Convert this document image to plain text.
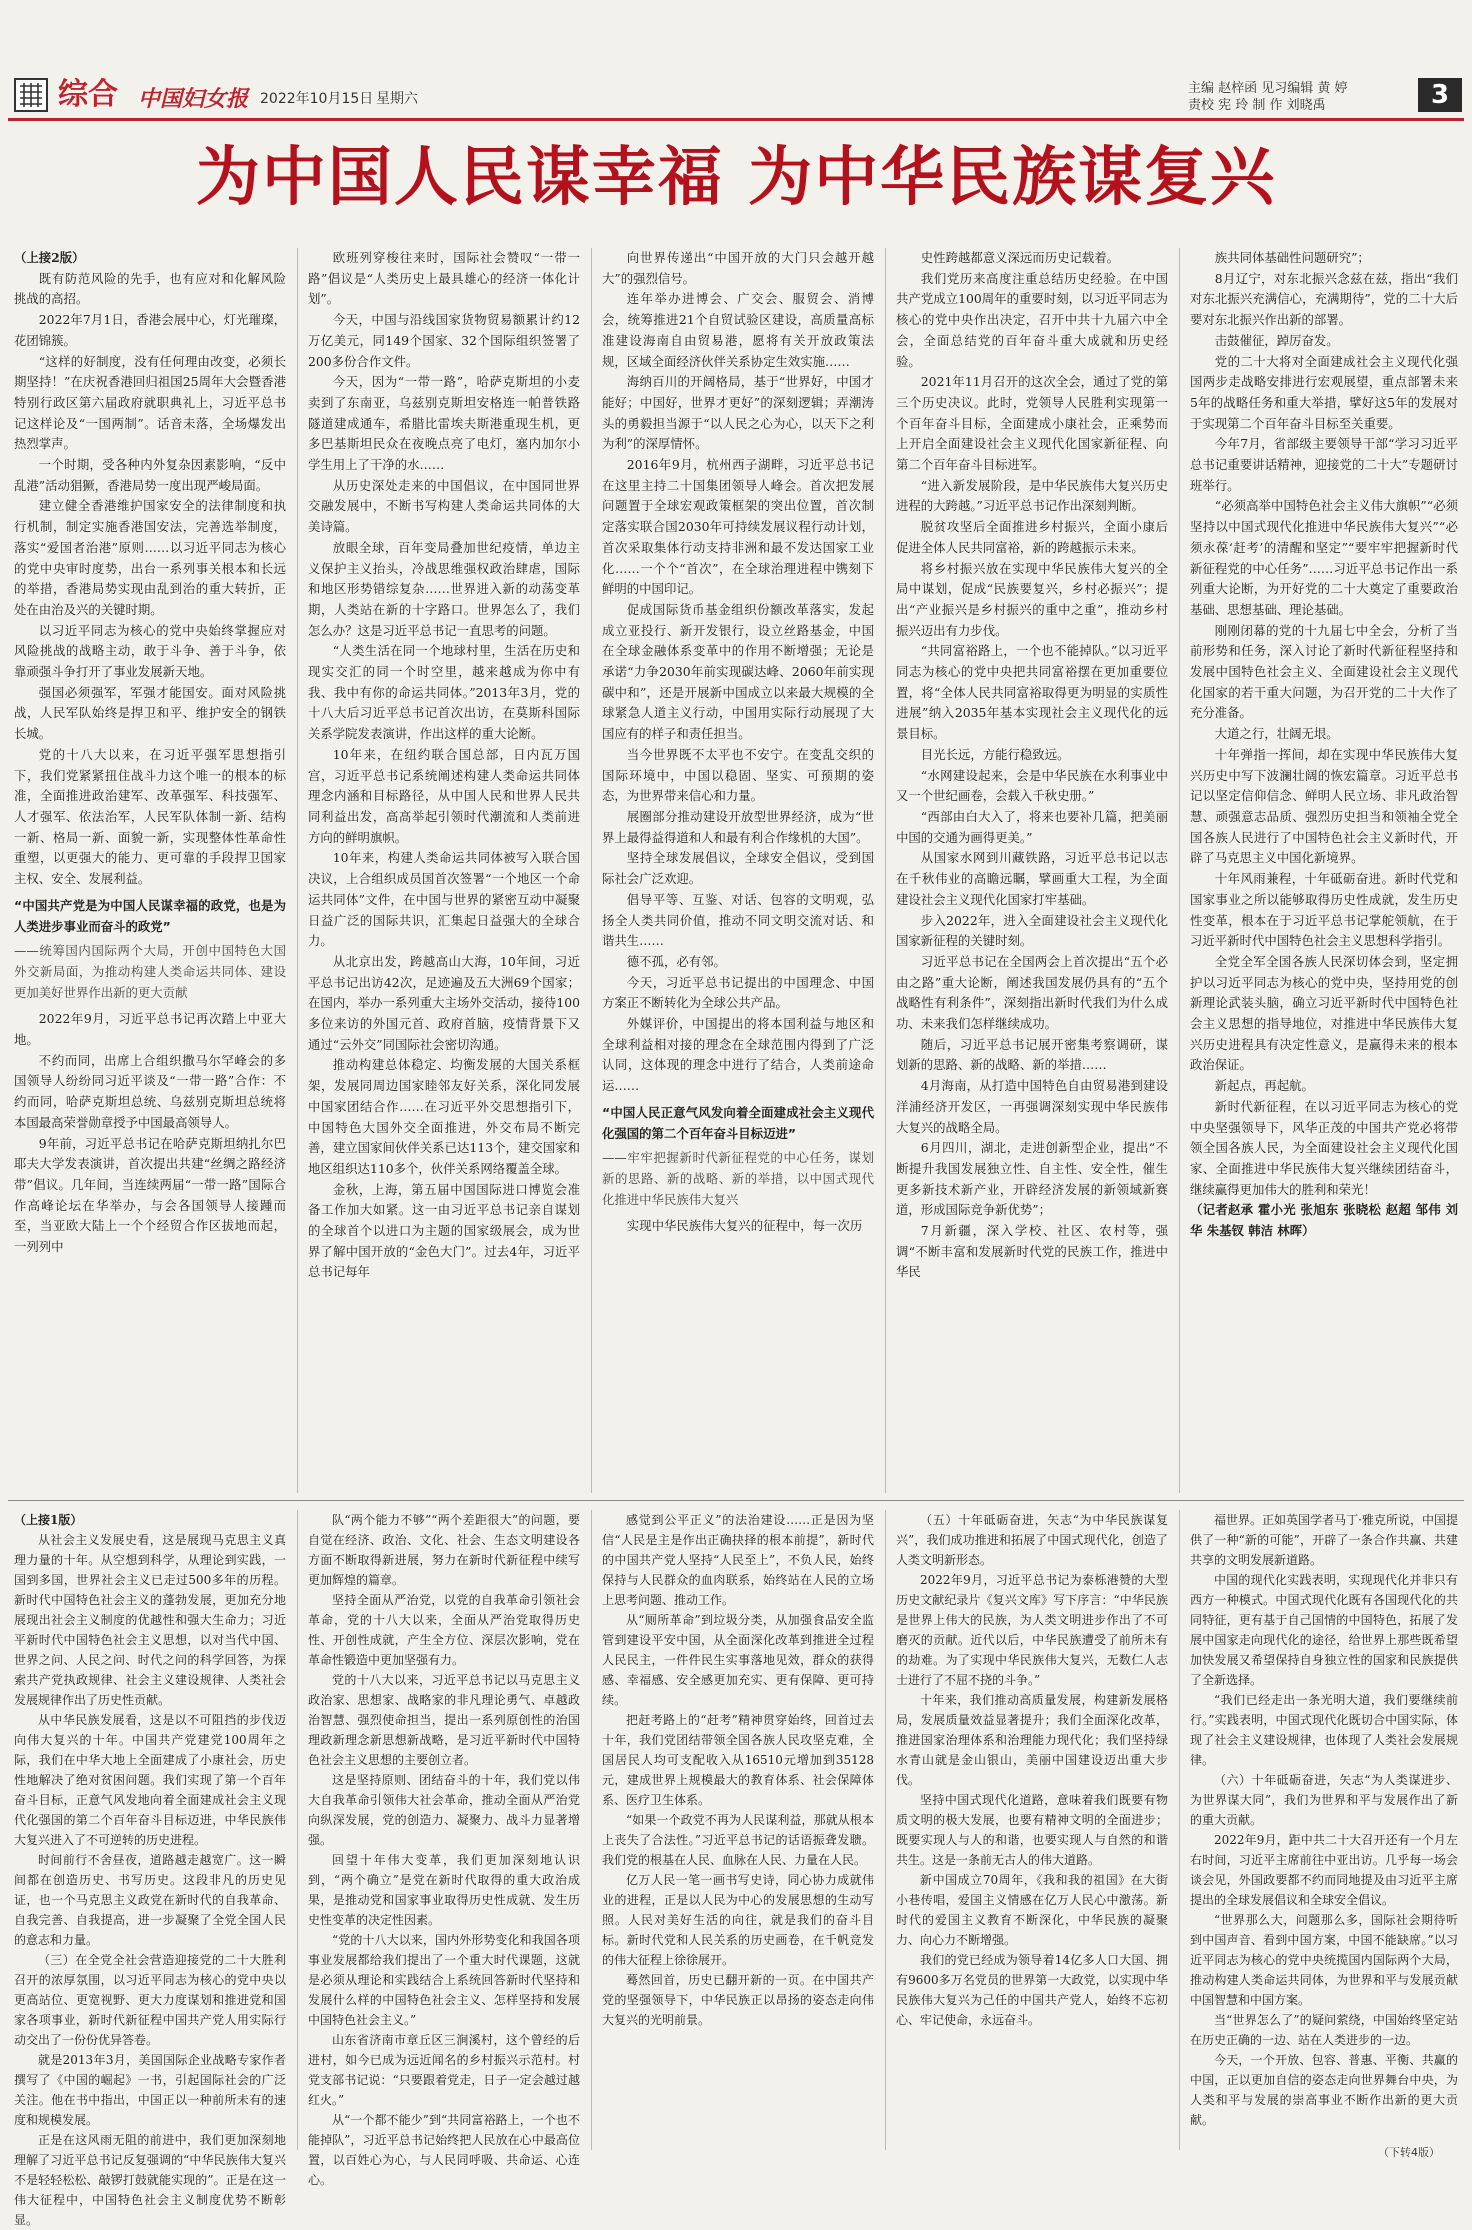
综合 中国妇女报 2022年10月15日 星期六
主编 赵梓函 见习编辑 黄 婷
责校 宪 玲 制 作 刘晓禹	3
为中国人民谋幸福 为中华民族谋复兴

（上接2版）

既有防范风险的先手，也有应对和化解风险挑战的高招。

2022年7月1日，香港会展中心，灯光璀璨，花团锦簇。

“这样的好制度，没有任何理由改变，必须长期坚持！”在庆祝香港回归祖国25周年大会暨香港特别行政区第六届政府就职典礼上，习近平总书记这样论及“一国两制”。话音未落，全场爆发出热烈掌声。

一个时期，受各种内外复杂因素影响，“反中乱港”活动猖獗，香港局势一度出现严峻局面。

建立健全香港维护国家安全的法律制度和执行机制，制定实施香港国安法，完善选举制度，落实“爱国者治港”原则……以习近平同志为核心的党中央审时度势，出台一系列事关根本和长远的举措，香港局势实现由乱到治的重大转折，正处在由治及兴的关键时期。

以习近平同志为核心的党中央始终掌握应对风险挑战的战略主动，敢于斗争、善于斗争，依靠顽强斗争打开了事业发展新天地。

强国必须强军，军强才能国安。面对风险挑战，人民军队始终是捍卫和平、维护安全的钢铁长城。

党的十八大以来，在习近平强军思想指引下，我们党紧紧扭住战斗力这个唯一的根本的标准，全面推进政治建军、改革强军、科技强军、人才强军、依法治军，人民军队体制一新、结构一新、格局一新、面貌一新，实现整体性革命性重塑，以更强大的能力、更可靠的手段捍卫国家主权、安全、发展利益。

“中国共产党是为中国人民谋幸福的政党，也是为人类进步事业而奋斗的政党”

——统筹国内国际两个大局，开创中国特色大国外交新局面，为推动构建人类命运共同体、建设更加美好世界作出新的更大贡献

2022年9月，习近平总书记再次踏上中亚大地。

不约而同，出席上合组织撒马尔罕峰会的多国领导人纷纷同习近平谈及“一带一路”合作：不约而同，哈萨克斯坦总统、乌兹别克斯坦总统将本国最高荣誉勋章授予中国最高领导人。

9年前，习近平总书记在哈萨克斯坦纳扎尔巴耶夫大学发表演讲，首次提出共建“丝绸之路经济带”倡议。几年间，当连续两届“一带一路”国际合作高峰论坛在华举办，与会各国领导人接踵而至，当亚欧大陆上一个个经贸合作区拔地而起，一列列中

欧班列穿梭往来时，国际社会赞叹“一带一路”倡议是“人类历史上最具雄心的经济一体化计划”。

今天，中国与沿线国家货物贸易额累计约12万亿美元，同149个国家、32个国际组织签署了200多份合作文件。

今天，因为“一带一路”，哈萨克斯坦的小麦卖到了东南亚，乌兹别克斯坦安格连一帕普铁路隧道建成通车，希腊比雷埃夫斯港重现生机，更多巴基斯坦民众在夜晚点亮了电灯，塞内加尔小学生用上了干净的水……

从历史深处走来的中国倡议，在中国同世界交融发展中，不断书写构建人类命运共同体的大美诗篇。

放眼全球，百年变局叠加世纪疫情，单边主义保护主义抬头，冷战思维强权政治肆虐，国际和地区形势错综复杂……世界进入新的动荡变革期，人类站在新的十字路口。世界怎么了，我们怎么办？这是习近平总书记一直思考的问题。

“人类生活在同一个地球村里，生活在历史和现实交汇的同一个时空里，越来越成为你中有我、我中有你的命运共同体。”2013年3月，党的十八大后习近平总书记首次出访，在莫斯科国际关系学院发表演讲，作出这样的重大论断。

10年来，在纽约联合国总部，日内瓦万国宫，习近平总书记系统阐述构建人类命运共同体理念内涵和目标路径，从中国人民和世界人民共同利益出发，高高举起引领时代潮流和人类前进方向的鲜明旗帜。

10年来，构建人类命运共同体被写入联合国决议，上合组织成员国首次签署“一个地区一个命运共同体”文件，在中国与世界的紧密互动中凝聚日益广泛的国际共识，汇集起日益强大的全球合力。

从北京出发，跨越高山大海，10年间，习近平总书记出访42次，足迹遍及五大洲69个国家；在国内，举办一系列重大主场外交活动，接待100多位来访的外国元首、政府首脑，疫情背景下又通过“云外交”同国际社会密切沟通。

推动构建总体稳定、均衡发展的大国关系框架，发展同周边国家睦邻友好关系，深化同发展中国家团结合作……在习近平外交思想指引下，中国特色大国外交全面推进，外交布局不断完善，建立国家间伙伴关系已达113个，建交国家和地区组织达110多个，伙伴关系网络覆盖全球。

金秋，上海，第五届中国国际进口博览会准备工作加大如紧。这一由习近平总书记亲自谋划的全球首个以进口为主题的国家级展会，成为世界了解中国开放的“金色大门”。过去4年，习近平总书记每年

向世界传递出“中国开放的大门只会越开越大”的强烈信号。

连年举办进博会、广交会、服贸会、消博会，统筹推进21个自贸试验区建设，高质量高标准建设海南自由贸易港，愿将有关开放政策法规，区域全面经济伙伴关系协定生效实施……

海纳百川的开阔格局，基于“世界好，中国才能好；中国好，世界才更好”的深刻逻辑；弄潮涛头的勇毅担当源于“以人民之心为心，以天下之利为利”的深厚情怀。

2016年9月，杭州西子湖畔，习近平总书记在这里主持二十国集团领导人峰会。首次把发展问题置于全球宏观政策框架的突出位置，首次制定落实联合国2030年可持续发展议程行动计划，首次采取集体行动支持非洲和最不发达国家工业化……一个个“首次”，在全球治理进程中镌刻下鲜明的中国印记。

促成国际货币基金组织份额改革落实，发起成立亚投行、新开发银行，设立丝路基金，中国在全球金融体系变革中的作用不断增强；无论是承诺“力争2030年前实现碳达峰、2060年前实现碳中和”，还是开展新中国成立以来最大规模的全球紧急人道主义行动，中国用实际行动展现了大国应有的样子和责任担当。

当今世界既不太平也不安宁。在变乱交织的国际环境中，中国以稳固、坚实、可预期的姿态，为世界带来信心和力量。

展圈部分推动建设开放型世界经济，成为“世界上最得益得道和人和最有利合作缘机的大国”。

坚持全球发展倡议，全球安全倡议，受到国际社会广泛欢迎。

倡导平等、互鉴、对话、包容的文明观，弘扬全人类共同价值，推动不同文明交流对话、和谐共生……

德不孤，必有邻。

今天，习近平总书记提出的中国理念、中国方案正不断转化为全球公共产品。

外媒评价，中国提出的将本国利益与地区和全球利益相对接的理念在全球范围内得到了广泛认同，这体现的理念中进行了结合，人类前途命运……

“中国人民正意气风发向着全面建成社会主义现代化强国的第二个百年奋斗目标迈进”

——牢牢把握新时代新征程党的中心任务，谋划新的思路、新的战略、新的举措，以中国式现代化推进中华民族伟大复兴

实现中华民族伟大复兴的征程中，每一次历

史性跨越都意义深远而历史记载着。

我们党历来高度注重总结历史经验。在中国共产党成立100周年的重要时刻，以习近平同志为核心的党中央作出决定，召开中共十九届六中全会，全面总结党的百年奋斗重大成就和历史经验。

2021年11月召开的这次全会，通过了党的第三个历史决议。此时，党领导人民胜利实现第一个百年奋斗目标，全面建成小康社会，正乘势而上开启全面建设社会主义现代化国家新征程、向第二个百年奋斗目标进军。

“进入新发展阶段，是中华民族伟大复兴历史进程的大跨越。”习近平总书记作出深刻判断。

脱贫攻坚后全面推进乡村振兴，全面小康后促进全体人民共同富裕，新的跨越振示未来。

将乡村振兴放在实现中华民族伟大复兴的全局中谋划，促成“民族要复兴，乡村必振兴”；提出“产业振兴是乡村振兴的重中之重”，推动乡村振兴迈出有力步伐。

“共同富裕路上，一个也不能掉队。”以习近平同志为核心的党中央把共同富裕摆在更加重要位置，将“全体人民共同富裕取得更为明显的实质性进展”纳入2035年基本实现社会主义现代化的远景目标。

目光长远，方能行稳致远。

“水网建设起来，会是中华民族在水利事业中又一个世纪画卷，会载入千秋史册。”

“西部由白大入了，将来也要补几篇，把美丽中国的交通为画得更美。”

从国家水网到川藏铁路，习近平总书记以志在千秋伟业的高瞻远瞩，擘画重大工程，为全面建设社会主义现代化国家打牢基础。

步入2022年，进入全面建设社会主义现代化国家新征程的关键时刻。

习近平总书记在全国两会上首次提出“五个必由之路”重大论断，阐述我国发展仍具有的“五个战略性有利条件”，深刻指出新时代我们为什么成功、未来我们怎样继续成功。

随后，习近平总书记展开密集考察调研，谋划新的思路、新的战略、新的举措……

4月海南，从打造中国特色自由贸易港到建设洋浦经济开发区，一再强调深刻实现中华民族伟大复兴的战略全局。

6月四川，湖北，走进创新型企业，提出“不断提升我国发展独立性、自主性、安全性，催生更多新技术新产业，开辟经济发展的新领域新赛道，形成国际竞争新优势”；

7月新疆，深入学校、社区、农村等，强调“不断丰富和发展新时代党的民族工作，推进中华民

族共同体基础性问题研究”；

8月辽宁，对东北振兴念兹在兹，指出“我们对东北振兴充满信心，充满期待”，党的二十大后要对东北振兴作出新的部署。

击鼓催征，踔厉奋发。

党的二十大将对全面建成社会主义现代化强国两步走战略安排进行宏观展望，重点部署未来5年的战略任务和重大举措，擘好这5年的发展对于实现第二个百年奋斗目标至关重要。

今年7月，省部级主要领导干部“学习习近平总书记重要讲话精神，迎接党的二十大”专题研讨班举行。

“必须高举中国特色社会主义伟大旗帜”“必须坚持以中国式现代化推进中华民族伟大复兴”“必须永葆‘赶考’的清醒和坚定”“要牢牢把握新时代新征程党的中心任务”……习近平总书记作出一系列重大论断，为开好党的二十大奠定了重要政治基础、思想基础、理论基础。

刚刚闭幕的党的十九届七中全会，分析了当前形势和任务，深入讨论了新时代新征程坚持和发展中国特色社会主义、全面建设社会主义现代化国家的若干重大问题，为召开党的二十大作了充分准备。

大道之行，壮阔无垠。

十年弹指一挥间，却在实现中华民族伟大复兴历史中写下波澜壮阔的恢宏篇章。习近平总书记以坚定信仰信念、鲜明人民立场、非凡政治智慧、顽强意志品质、强烈历史担当和领袖全党全国各族人民进行了中国特色社会主义新时代，开辟了马克思主义中国化新境界。

十年风雨兼程，十年砥砺奋进。新时代党和国家事业之所以能够取得历史性成就，发生历史性变革，根本在于习近平总书记掌舵领航，在于习近平新时代中国特色社会主义思想科学指引。

全党全军全国各族人民深切体会到，坚定拥护以习近平同志为核心的党中央，坚持用党的创新理论武装头脑，确立习近平新时代中国特色社会主义思想的指导地位，对推进中华民族伟大复兴历史进程具有决定性意义，是赢得未来的根本政治保证。

新起点，再起航。

新时代新征程，在以习近平同志为核心的党中央坚强领导下，风华正茂的中国共产党必将带领全国各族人民，为全面建设社会主义现代化国家、全面推进中华民族伟大复兴继续团结奋斗，继续赢得更加伟大的胜利和荣光！

（记者赵承 霍小光 张旭东 张晓松 赵超 邹伟 刘华 朱基钗 韩洁 林晖）

（上接1版）

从社会主义发展史看，这是展现马克思主义真理力量的十年。从空想到科学，从理论到实践，一国到多国，世界社会主义已走过500多年的历程。新时代中国特色社会主义的蓬勃发展，更加充分地展现出社会主义制度的优越性和强大生命力；习近平新时代中国特色社会主义思想，以对当代中国、世界之问、人民之问、时代之问的科学回答，为探索共产党执政规律、社会主义建设规律、人类社会发展规律作出了历史性贡献。

从中华民族发展看，这是以不可阻挡的步伐迈向伟大复兴的十年。中国共产党建党100周年之际，我们在中华大地上全面建成了小康社会，历史性地解决了绝对贫困问题。我们实现了第一个百年奋斗目标，正意气风发地向着全面建成社会主义现代化强国的第二个百年奋斗目标迈进，中华民族伟大复兴进入了不可逆转的历史进程。

时间前行不舍昼夜，道路越走越宽广。这一瞬间都在创造历史、书写历史。这段非凡的历史见证，也一个马克思主义政党在新时代的自我革命、自我完善、自我提高，进一步凝聚了全党全国人民的意志和力量。

（三）在全党全社会营造迎接党的二十大胜利召开的浓厚氛围，以习近平同志为核心的党中央以更高站位、更宽视野、更大力度谋划和推进党和国家各项事业，新时代新征程中国共产党人用实际行动交出了一份份优异答卷。

就是2013年3月，美国国际企业战略专家作者撰写了《中国的崛起》一书，引起国际社会的广泛关注。他在书中指出，中国正以一种前所未有的速度和规模发展。

正是在这风雨无阻的前进中，我们更加深刻地理解了习近平总书记反复强调的“中华民族伟大复兴不是轻轻松松、敲锣打鼓就能实现的”。正是在这一伟大征程中，中国特色社会主义制度优势不断彰显。

队“两个能力不够”“两个差距很大”的问题，要自觉在经济、政治、文化、社会、生态文明建设各方面不断取得新进展，努力在新时代新征程中续写更加辉煌的篇章。

坚持全面从严治党，以党的自我革命引领社会革命，党的十八大以来，全面从严治党取得历史性、开创性成就，产生全方位、深层次影响，党在革命性锻造中更加坚强有力。

党的十八大以来，习近平总书记以马克思主义政治家、思想家、战略家的非凡理论勇气、卓越政治智慧、强烈使命担当，提出一系列原创性的治国理政新理念新思想新战略，是习近平新时代中国特色社会主义思想的主要创立者。

这是坚持原则、团结奋斗的十年，我们党以伟大自我革命引领伟大社会革命，推动全面从严治党向纵深发展，党的创造力、凝聚力、战斗力显著增强。

回望十年伟大变革，我们更加深刻地认识到，“两个确立”是党在新时代取得的重大政治成果，是推动党和国家事业取得历史性成就、发生历史性变革的决定性因素。

“党的十八大以来，国内外形势变化和我国各项事业发展都给我们提出了一个重大时代课题，这就是必须从理论和实践结合上系统回答新时代坚持和发展什么样的中国特色社会主义、怎样坚持和发展中国特色社会主义。”

山东省济南市章丘区三涧溪村，这个曾经的后进村，如今已成为远近闻名的乡村振兴示范村。村党支部书记说：“只要跟着党走，日子一定会越过越红火。”

从“一个都不能少”到“共同富裕路上，一个也不能掉队”，习近平总书记始终把人民放在心中最高位置，以百姓心为心，与人民同呼吸、共命运、心连心。

感觉到公平正义”的法治建设……正是因为坚信“人民是主是作出正确抉择的根本前提”，新时代的中国共产党人坚持“人民至上”，不负人民，始终保持与人民群众的血肉联系，始终站在人民的立场上思考问题、推动工作。

从“厕所革命”到垃圾分类，从加强食品安全监管到建设平安中国，从全面深化改革到推进全过程人民民主，一件件民生实事落地见效，群众的获得感、幸福感、安全感更加充实、更有保障、更可持续。

把赶考路上的“赶考”精神贯穿始终，回首过去十年，我们党团结带领全国各族人民攻坚克难，全国居民人均可支配收入从16510元增加到35128元，建成世界上规模最大的教育体系、社会保障体系、医疗卫生体系。

“如果一个政党不再为人民谋利益，那就从根本上丧失了合法性。”习近平总书记的话语振聋发聩。我们党的根基在人民、血脉在人民、力量在人民。

亿万人民一笔一画书写史诗，同心协力成就伟业的进程，正是以人民为中心的发展思想的生动写照。人民对美好生活的向往，就是我们的奋斗目标。新时代党和人民关系的历史画卷，在千帆竞发的伟大征程上徐徐展开。

蓦然回首，历史已翻开新的一页。在中国共产党的坚强领导下，中华民族正以昂扬的姿态走向伟大复兴的光明前景。

（五）十年砥砺奋进，矢志“为中华民族谋复兴”，我们成功推进和拓展了中国式现代化，创造了人类文明新形态。

2022年9月，习近平总书记为泰栎港赞的大型历史文献纪录片《复兴文库》写下序言：“中华民族是世界上伟大的民族，为人类文明进步作出了不可磨灭的贡献。近代以后，中华民族遭受了前所未有的劫难。为了实现中华民族伟大复兴，无数仁人志士进行了不屈不挠的斗争。”

十年来，我们推动高质量发展，构建新发展格局，发展质量效益显著提升；我们全面深化改革，推进国家治理体系和治理能力现代化；我们坚持绿水青山就是金山银山，美丽中国建设迈出重大步伐。

坚持中国式现代化道路，意味着我们既要有物质文明的极大发展，也要有精神文明的全面进步；既要实现人与人的和谐，也要实现人与自然的和谐共生。这是一条前无古人的伟大道路。

新中国成立70周年，《我和我的祖国》在大街小巷传唱，爱国主义情感在亿万人民心中激荡。新时代的爱国主义教育不断深化，中华民族的凝聚力、向心力不断增强。

我们的党已经成为领导着14亿多人口大国、拥有9600多万名党员的世界第一大政党，以实现中华民族伟大复兴为己任的中国共产党人，始终不忘初心、牢记使命，永远奋斗。

福世界。正如英国学者马丁·雅克所说，中国提供了一种“新的可能”，开辟了一条合作共赢、共建共享的文明发展新道路。

中国的现代化实践表明，实现现代化并非只有西方一种模式。中国式现代化既有各国现代化的共同特征，更有基于自己国情的中国特色，拓展了发展中国家走向现代化的途径，给世界上那些既希望加快发展又希望保持自身独立性的国家和民族提供了全新选择。

“我们已经走出一条光明大道，我们要继续前行。”实践表明，中国式现代化既切合中国实际，体现了社会主义建设规律，也体现了人类社会发展规律。

（六）十年砥砺奋进，矢志“为人类谋进步、为世界谋大同”，我们为世界和平与发展作出了新的重大贡献。

2022年9月，距中共二十大召开还有一个月左右时间，习近平主席前往中亚出访。几乎每一场会谈会见，外国政要都不约而同地提及由习近平主席提出的全球发展倡议和全球安全倡议。

“世界那么大，问题那么多，国际社会期待听到中国声音、看到中国方案，中国不能缺席。”以习近平同志为核心的党中央统揽国内国际两个大局，推动构建人类命运共同体，为世界和平与发展贡献中国智慧和中国方案。

当“世界怎么了”的疑问萦绕，中国始终坚定站在历史正确的一边、站在人类进步的一边。

今天，一个开放、包容、普惠、平衡、共赢的中国，正以更加自信的姿态走向世界舞台中央，为人类和平与发展的崇高事业不断作出新的更大贡献。

（下转4版）
